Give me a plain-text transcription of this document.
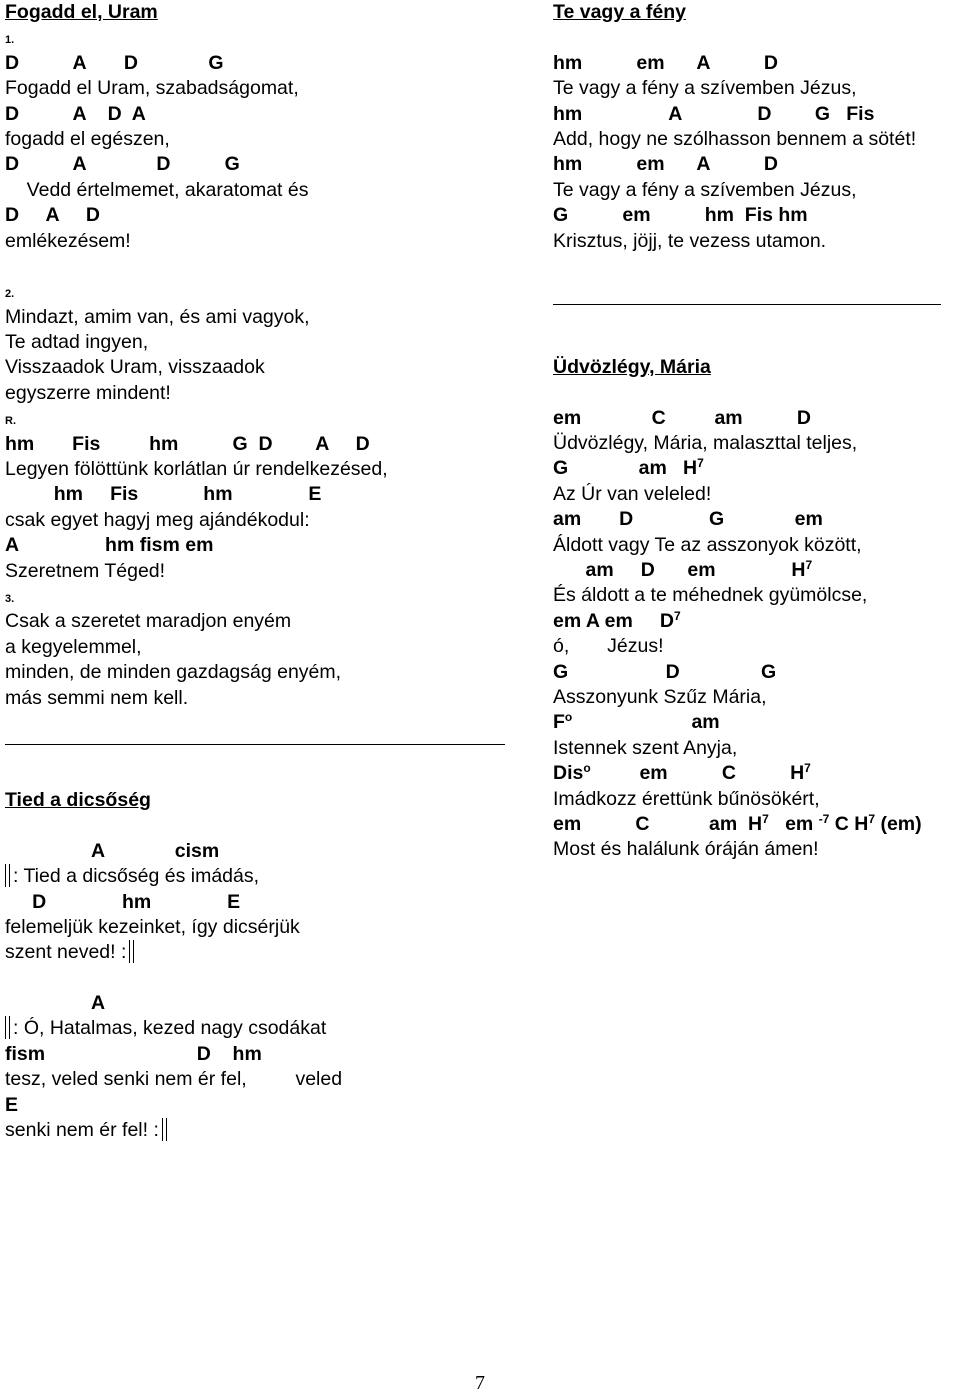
Fogadd el, Uram
1.
D          A       D             G
Fogadd el Uram, szabadságomat,
D          A    D  A
fogadd el egészen,
D          A             D          G
Vedd értelmemet, akaratomat és
D     A     D
emlékezésem!
2.
Mindazt, amim van, és ami vagyok,
Te adtad ingyen,
Visszaadok Uram, visszaadok
egyszerre mindent!
R.
hm       Fis         hm          G  D        A     D
Legyen fölöttünk korlátlan úr rendelkezésed,
hm     Fis            hm              E
csak egyet hagyj meg ajándékodul:
A                hm fism em
Szeretnem Téged!
3.
Csak a szeretet maradjon enyém
a kegyelemmel,
minden, de minden gazdagság enyém,
más semmi nem kell.
Tied a dicsőség
A             cism
: Tied a dicsőség és imádás,
D              hm              E
felemeljük kezeinket, így dicsérjük
szent neved! :
A
: Ó, Hatalmas, kezed nagy csodákat
fism                            D    hm
tesz, veled senki nem ér fel,         veled
E
senki nem ér fel! :
Te vagy a fény
hm          em      A          D
Te vagy a fény a szívemben Jézus,
hm                A              D        G   Fis
Add, hogy ne szólhasson bennem a sötét!
hm          em      A          D
Te vagy a fény a szívemben Jézus,
G          em          hm  Fis hm
Krisztus, jöjj, te vezess utamon.
Üdvözlégy, Mária
em             C         am          D
Üdvözlégy, Mária, malaszttal teljes,
G             am   $H^7$
Az Úr van veleled!
am       D              G             em
Áldott vagy Te az asszonyok között,
am     D      em              $H^7$
És áldott a te méhednek gyümölcse,
em A em     $D^7$
ó,       Jézus!
G                  D               G
Asszonyunk Szűz Mária,
$F^o$                      am
Istennek szent Anyja,
Dis$^o$         em          C          $H^7$
Imádkozz érettünk bűnösökért,
em          C           am  $H^7$   em $^{-7}$ C $H^7$ (em)
Most és halálunk óráján ámen!
7
